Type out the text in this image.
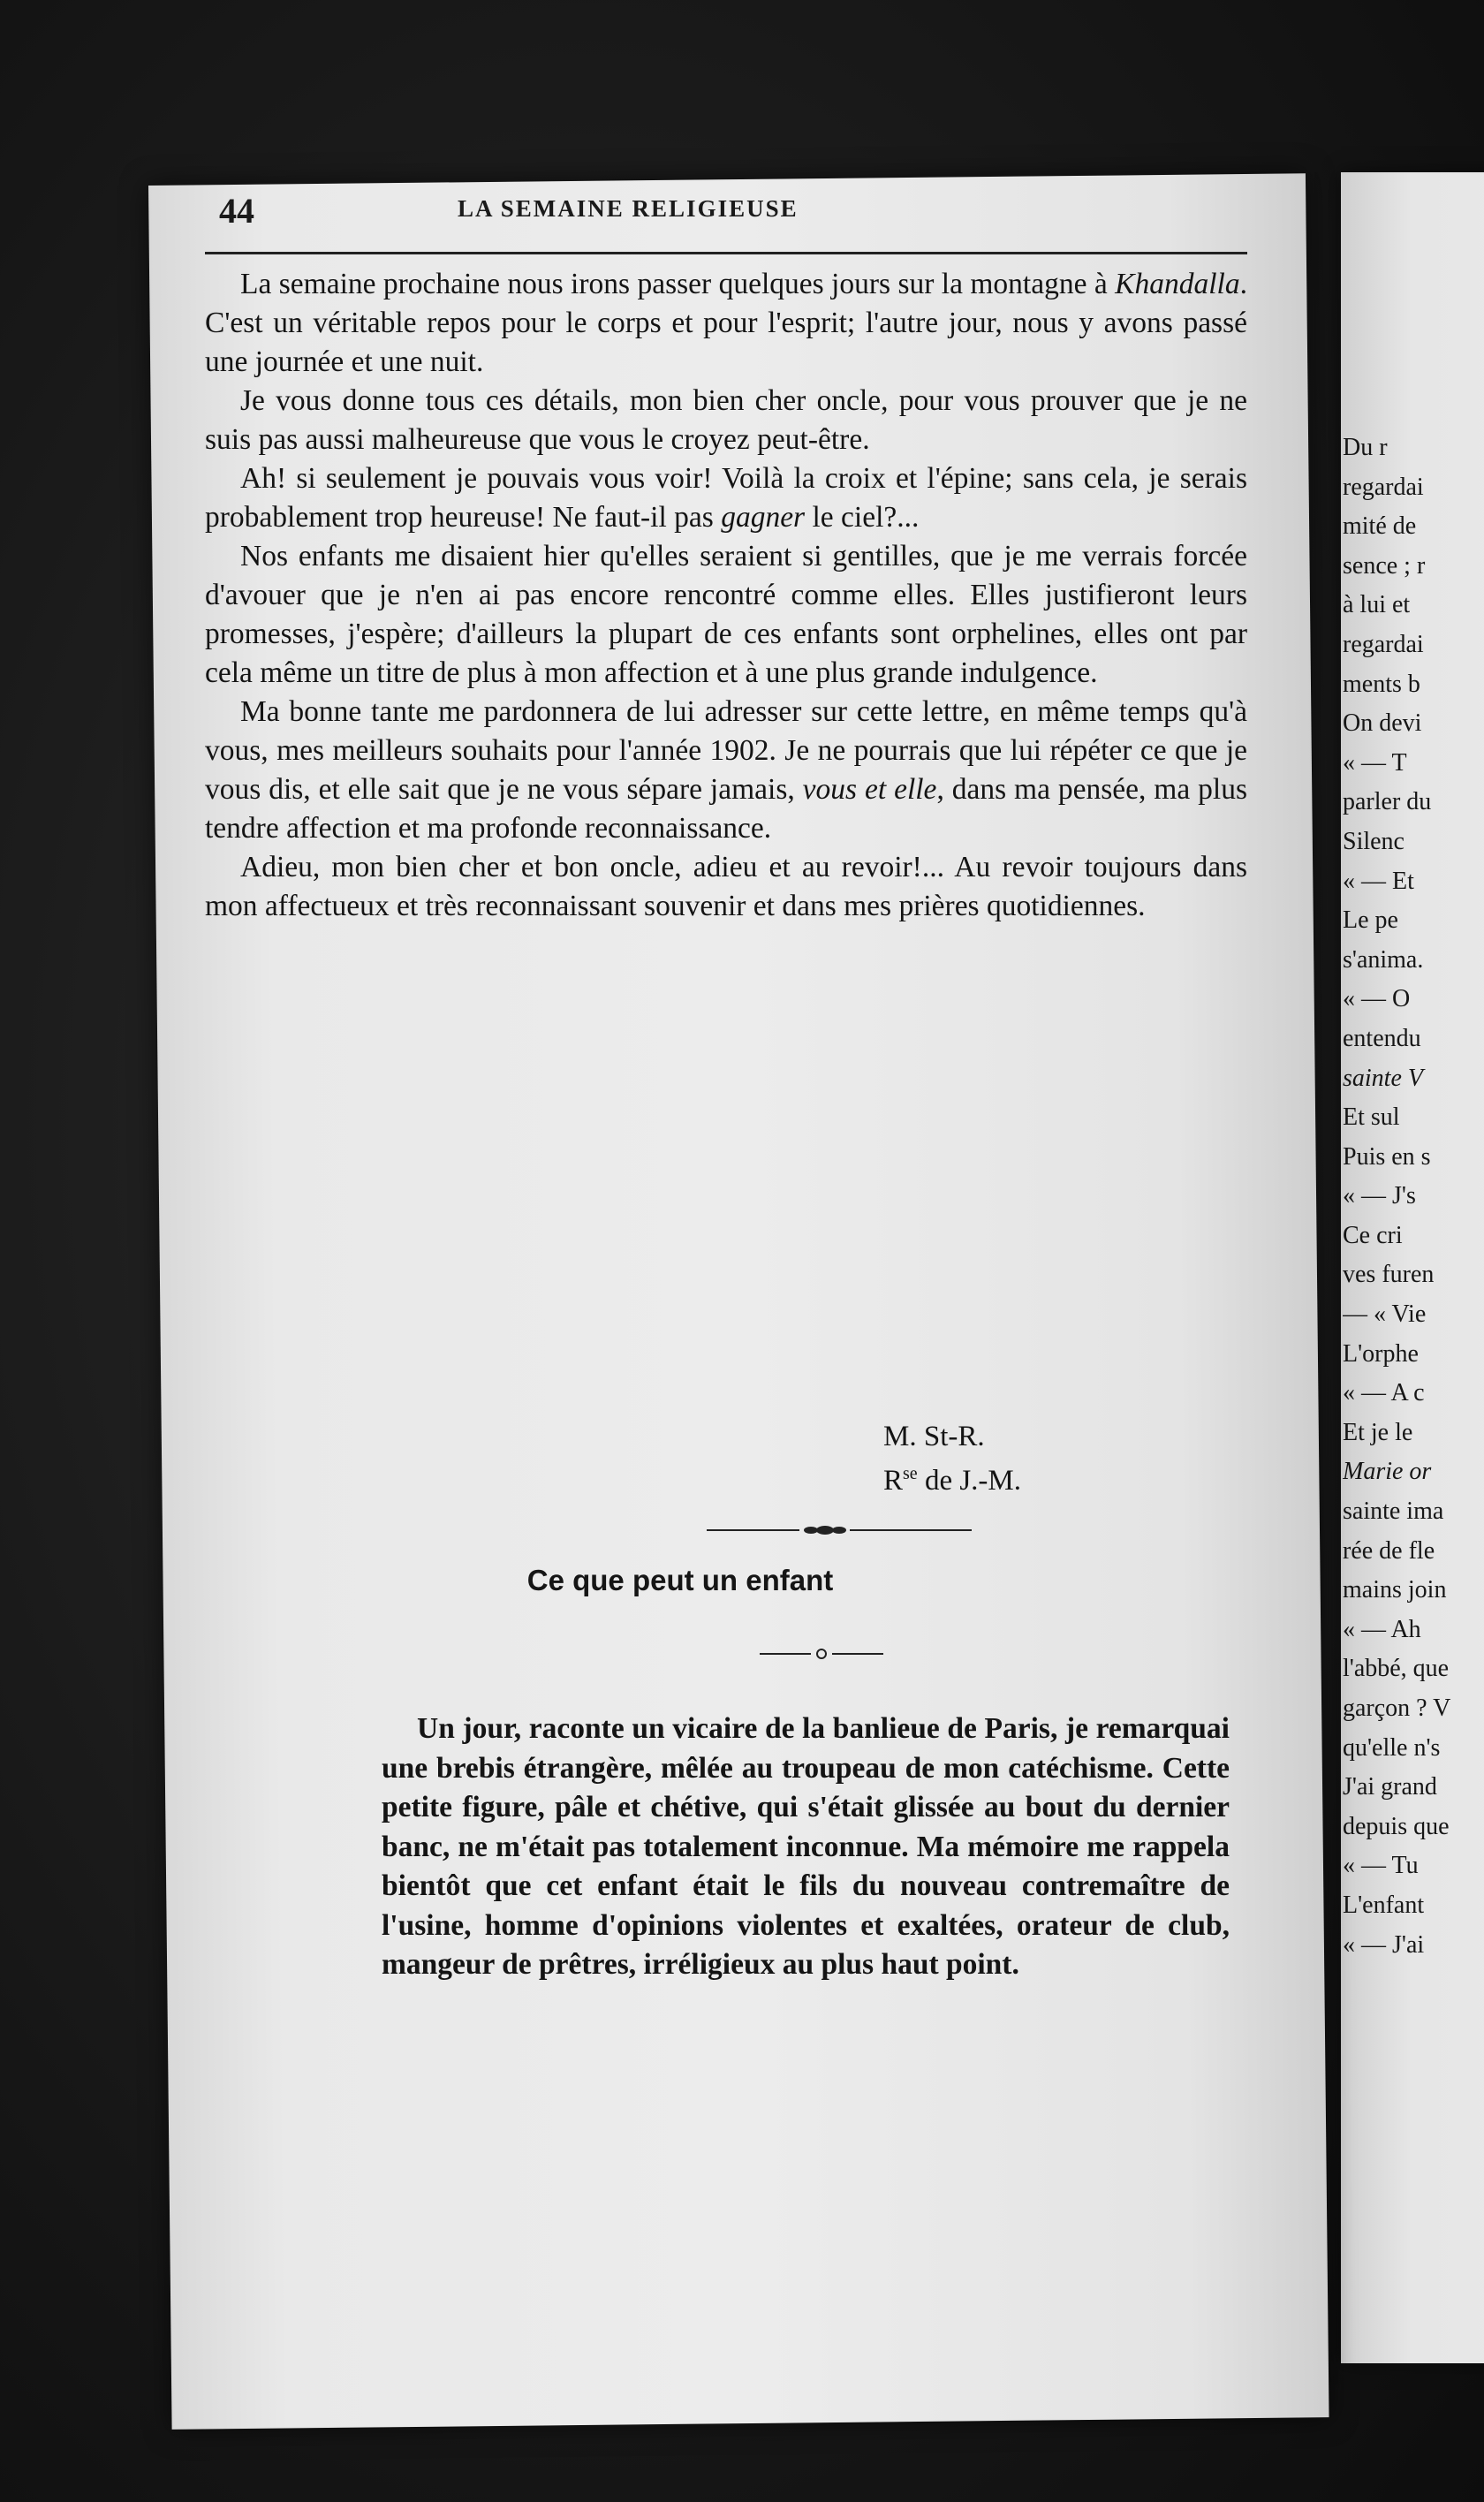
Du r
regardai
mité de
sence ; r
à lui et
regardai
ments b
On devi
« — T
parler du
Silenc
« — Et
Le pe
s'anima.
« — O
entendu
sainte V
Et sul
Puis en s
« — J's
Ce cri
ves furen
— « Vie
L'orphe
« — A c
Et je le
Marie or
sainte ima
rée de fle
mains join
« — Ah
l'abbé, que
garçon ? V
qu'elle n's
J'ai grand
depuis que
« — Tu
L'enfant
« — J'ai
44	LA SEMAINE RELIGIEUSE

La semaine prochaine nous irons passer quelques jours sur la montagne à Khandalla. C'est un véritable repos pour le corps et pour l'esprit; l'autre jour, nous y avons passé une journée et une nuit.

Je vous donne tous ces détails, mon bien cher oncle, pour vous prouver que je ne suis pas aussi malheureuse que vous le croyez peut-être.

Ah! si seulement je pouvais vous voir! Voilà la croix et l'épine; sans cela, je serais probablement trop heureuse! Ne faut-il pas gagner le ciel?...

Nos enfants me disaient hier qu'elles seraient si gentilles, que je me verrais forcée d'avouer que je n'en ai pas encore rencontré comme elles. Elles justifieront leurs promesses, j'espère; d'ailleurs la plupart de ces enfants sont orphelines, elles ont par cela même un titre de plus à mon affection et à une plus grande indulgence.

Ma bonne tante me pardonnera de lui adresser sur cette lettre, en même temps qu'à vous, mes meilleurs souhaits pour l'année 1902. Je ne pourrais que lui répéter ce que je vous dis, et elle sait que je ne vous sépare jamais, vous et elle, dans ma pensée, ma plus tendre affection et ma profonde reconnaissance.

Adieu, mon bien cher et bon oncle, adieu et au revoir!... Au revoir toujours dans mon affectueux et très reconnaissant souvenir et dans mes prières quotidiennes.

M. St-R.
$R^{se}$ de J.-M.
Ce que peut un enfant

Un jour, raconte un vicaire de la banlieue de Paris, je remarquai une brebis étrangère, mêlée au troupeau de mon catéchisme. Cette petite figure, pâle et chétive, qui s'était glissée au bout du dernier banc, ne m'était pas totalement inconnue. Ma mémoire me rappela bientôt que cet enfant était le fils du nouveau contremaître de l'usine, homme d'opinions violentes et exaltées, orateur de club, mangeur de prêtres, irréligieux au plus haut point.
